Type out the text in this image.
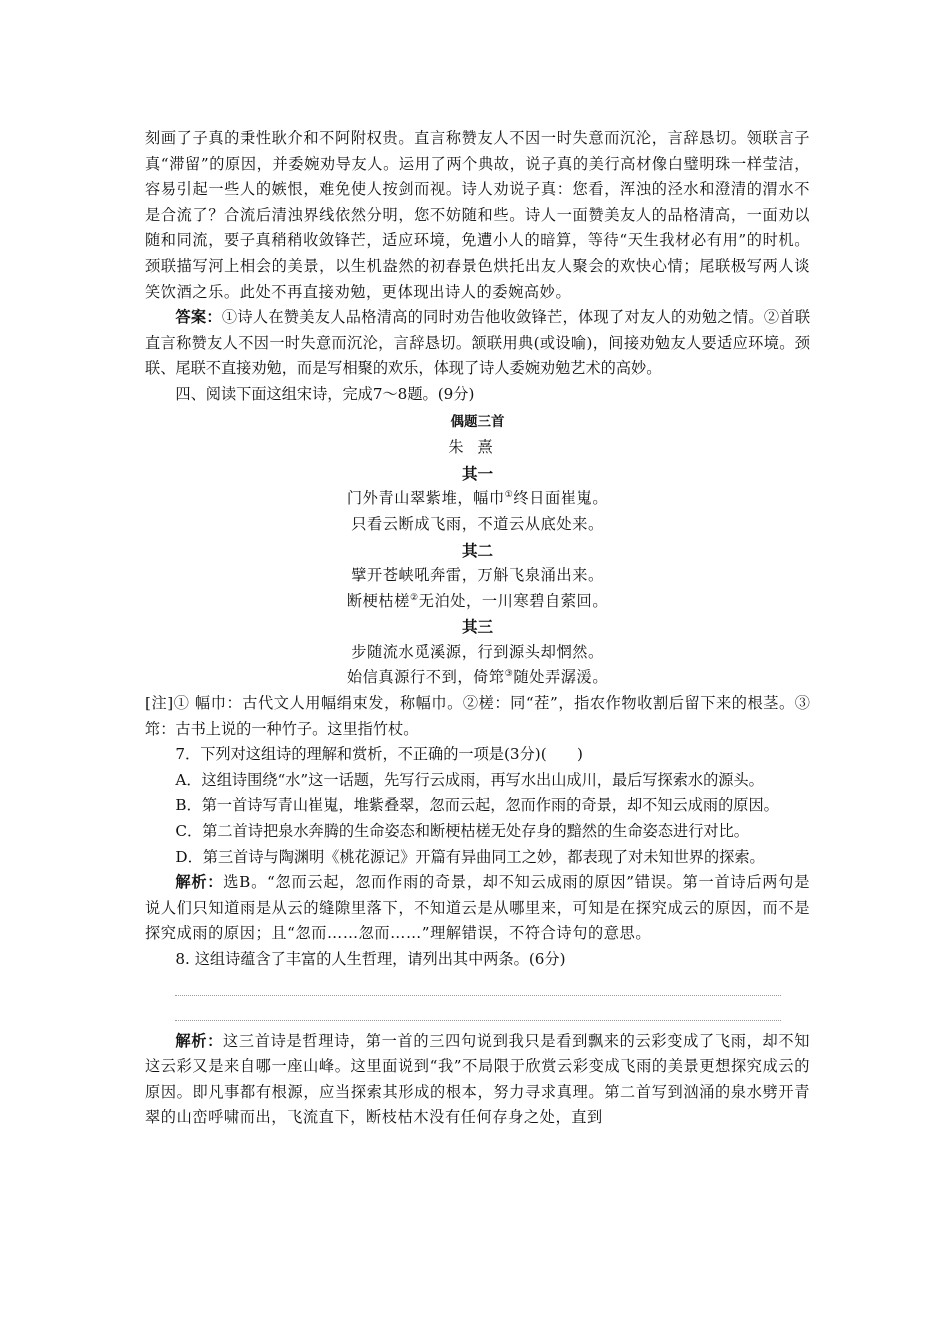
刻画了子真的秉性耿介和不阿附权贵。直言称赞友人不因一时失意而沉沦，言辞恳切。领联言子真“滞留”的原因，并委婉劝导友人。运用了两个典故，说子真的美行高材像白璧明珠一样莹洁，容易引起一些人的嫉恨，难免使人按剑而视。诗人劝说子真：您看，浑浊的泾水和澄清的渭水不是合流了？合流后清浊界线依然分明，您不妨随和些。诗人一面赞美友人的品格清高，一面劝以随和同流，要子真稍稍收敛锋芒，适应环境，免遭小人的暗算，等待“天生我材必有用”的时机。颈联描写河上相会的美景，以生机盎然的初春景色烘托出友人聚会的欢快心情；尾联极写两人谈笑饮酒之乐。此处不再直接劝勉，更体现出诗人的委婉高妙。

答案：①诗人在赞美友人品格清高的同时劝告他收敛锋芒，体现了对友人的劝勉之情。②首联直言称赞友人不因一时失意而沉沦，言辞恳切。颔联用典(或设喻)，间接劝勉友人要适应环境。颈联、尾联不直接劝勉，而是写相聚的欢乐，体现了诗人委婉劝勉艺术的高妙。

四、阅读下面这组宋诗，完成7～8题。(9分)

偶题三首
朱熹
其一
门外青山翠紫堆，幅巾①终日面崔嵬。
只看云断成飞雨，不道云从底处来。
其二
擘开苍峡吼奔雷，万斛飞泉涌出来。
断梗枯槎②无泊处，一川寒碧自萦回。
其三
步随流水觅溪源，行到源头却惘然。
始信真源行不到，倚筇③随处弄潺湲。

[注]① 幅巾：古代文人用幅绢束发，称幅巾。②槎：同“茬”，指农作物收割后留下来的根茎。③筇：古书上说的一种竹子。这里指竹杖。

7．下列对这组诗的理解和赏析，不正确的一项是(3分)(　　)

A．这组诗围绕“水”这一话题，先写行云成雨，再写水出山成川，最后写探索水的源头。

B．第一首诗写青山崔嵬，堆紫叠翠，忽而云起，忽而作雨的奇景，却不知云成雨的原因。

C．第二首诗把泉水奔腾的生命姿态和断梗枯槎无处存身的黯然的生命姿态进行对比。

D．第三首诗与陶渊明《桃花源记》开篇有异曲同工之妙，都表现了对未知世界的探索。

解析：选B。“忽而云起，忽而作雨的奇景，却不知云成雨的原因”错误。第一首诗后两句是说人们只知道雨是从云的缝隙里落下，不知道云是从哪里来，可知是在探究成云的原因，而不是探究成雨的原因；且“忽而……忽而……”理解错误，不符合诗句的意思。

8. 这组诗蕴含了丰富的人生哲理，请列出其中两条。(6分)

解析：这三首诗是哲理诗，第一首的三四句说到我只是看到飘来的云彩变成了飞雨，却不知这云彩又是来自哪一座山峰。这里面说到“我”不局限于欣赏云彩变成飞雨的美景更想探究成云的原因。即凡事都有根源，应当探索其形成的根本，努力寻求真理。第二首写到汹涌的泉水劈开青翠的山峦呼啸而出，飞流直下，断枝枯木没有任何存身之处，直到
